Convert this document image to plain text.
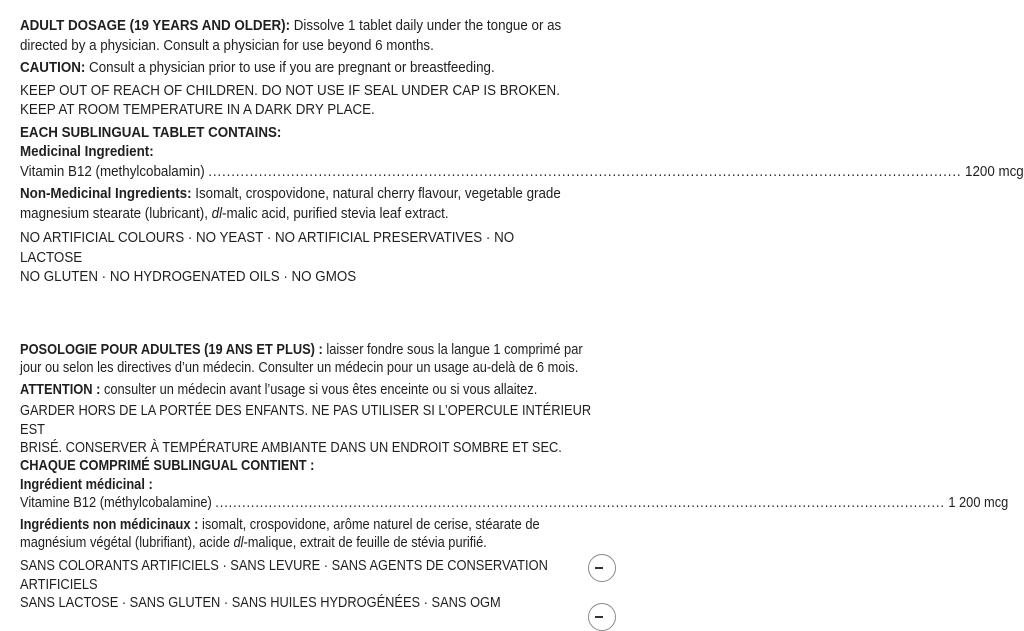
ADULT DOSAGE (19 YEARS AND OLDER): Dissolve 1 tablet daily under the tongue or as directed by a physician. Consult a physician for use beyond 6 months.

CAUTION: Consult a physician prior to use if you are pregnant or breastfeeding.

KEEP OUT OF REACH OF CHILDREN. DO NOT USE IF SEAL UNDER CAP IS BROKEN.

KEEP AT ROOM TEMPERATURE IN A DARK DRY PLACE.

EACH SUBLINGUAL TABLET CONTAINS:

Medicinal Ingredient:

Vitamin B12 (methylcobalamin) .................................................................................................................................................................... 1200 mcg

Non-Medicinal Ingredients: Isomalt, crospovidone, natural cherry flavour, vegetable grade magnesium stearate (lubricant), dl-malic acid, purified stevia leaf extract.

NO ARTIFICIAL COLOURS · NO YEAST · NO ARTIFICIAL PRESERVATIVES · NO LACTOSE

NO GLUTEN · NO HYDROGENATED OILS · NO GMOS

POSOLOGIE POUR ADULTES (19 ANS ET PLUS) : laisser fondre sous la langue 1 comprimé par jour ou selon les directives d’un médecin. Consulter un médecin pour un usage au-delà de 6 mois.

ATTENTION : consulter un médecin avant l’usage si vous êtes enceinte ou si vous allaitez.

GARDER HORS DE LA PORTÉE DES ENFANTS. NE PAS UTILISER SI L’OPERCULE INTÉRIEUR EST

BRISÉ. CONSERVER À TEMPÉRATURE AMBIANTE DANS UN ENDROIT SOMBRE ET SEC.

CHAQUE COMPRIMÉ SUBLINGUAL CONTIENT :

Ingrédient médicinal :

Vitamine B12 (méthylcobalamine) .................................................................................................................................................................... 1 200 mcg

Ingrédients non médicinaux : isomalt, crospovidone, arôme naturel de cerise, stéarate de magnésium végétal (lubrifiant), acide dl-malique, extrait de feuille de stévia purifié.

SANS COLORANTS ARTIFICIELS · SANS LEVURE · SANS AGENTS DE CONSERVATION ARTIFICIELS

SANS LACTOSE · SANS GLUTEN · SANS HUILES HYDROGÉNÉES · SANS OGM
